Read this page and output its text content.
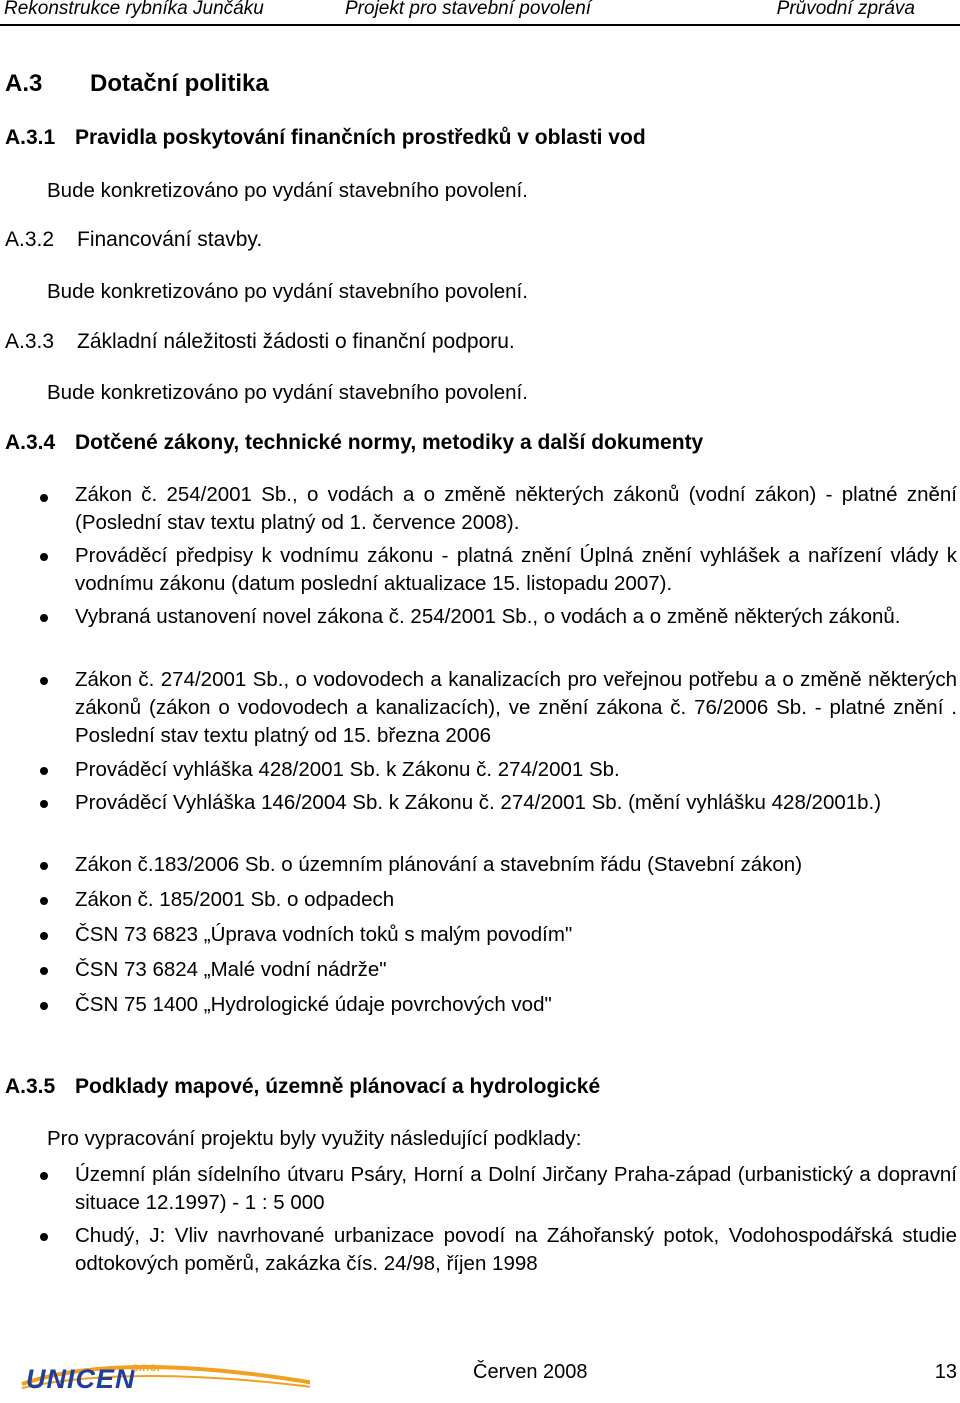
Rekonstrukce rybníka Junčáku	Projekt pro stavební povolení	Průvodní zpráva
A.3 Dotační politika
A.3.1 Pravidla poskytování finančních prostředků v oblasti vod
Bude konkretizováno po vydání stavebního povolení.
A.3.2 Financování stavby.
Bude konkretizováno po vydání stavebního povolení.
A.3.3 Základní náležitosti žádosti o finanční podporu.
Bude konkretizováno po vydání stavebního povolení.
A.3.4 Dotčené zákony, technické normy, metodiky a další dokumenty
Zákon č. 254/2001 Sb., o vodách a o změně některých zákonů (vodní zákon) - platné znění (Poslední stav textu platný od 1. července 2008).
Prováděcí předpisy k vodnímu zákonu - platná znění Úplná znění vyhlášek a nařízení vlády k vodnímu zákonu (datum poslední aktualizace 15. listopadu 2007).
Vybraná ustanovení novel zákona č. 254/2001 Sb., o vodách a o změně některých zákonů.
Zákon č. 274/2001 Sb., o vodovodech a kanalizacích pro veřejnou potřebu a o změně některých zákonů (zákon o vodovodech a kanalizacích), ve znění zákona č. 76/2006 Sb. - platné znění . Poslední stav textu platný od 15. března 2006
Prováděcí vyhláška 428/2001 Sb. k Zákonu č. 274/2001 Sb.
Prováděcí Vyhláška 146/2004 Sb. k Zákonu č. 274/2001 Sb. (mění vyhlášku 428/2001b.)
Zákon č.183/2006 Sb. o územním plánování a stavebním řádu (Stavební zákon)
Zákon č. 185/2001 Sb. o odpadech
ČSN 73 6823 „Úprava vodních toků s malým povodím"
ČSN 73 6824 „Malé vodní nádrže"
ČSN 75 1400 „Hydrologické údaje povrchových vod"
A.3.5 Podklady mapové, územně plánovací a hydrologické
Pro vypracování projektu byly využity následující podklady:
Územní plán sídelního útvaru Psáry, Horní a Dolní Jirčany Praha-západ (urbanistický a dopravní situace 12.1997) - 1 : 5 000
Chudý, J: Vliv navrhované urbanizace povodí na Záhořanský potok, Vodohospodářská studie odtokových poměrů, zakázka čís. 24/98, říjen 1998
UNICEN
s.r.o.	Červen 2008	13
